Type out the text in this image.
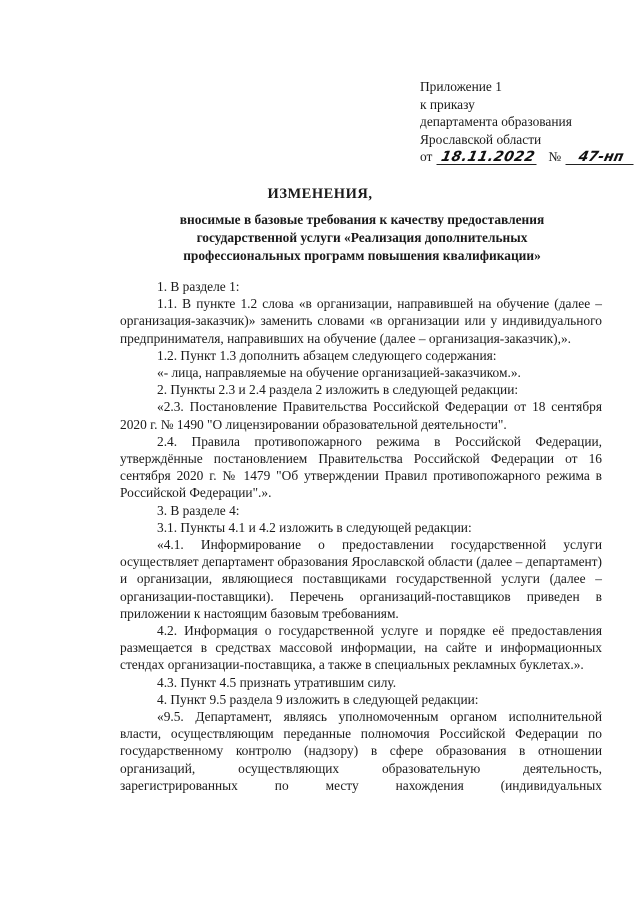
Приложение 1
к приказу
департамента образования
Ярославской области
от 18.11.2022 №	47-нп
ИЗМЕНЕНИЯ,
вносимые в базовые требования к качеству предоставления государственной услуги «Реализация дополнительных профессиональных программ повышения квалификации»

1. В разделе 1:

1.1. В пункте 1.2 слова «в организации, направившей на обучение (далее – организация-заказчик)» заменить словами «в организации или у индивидуального предпринимателя, направивших на обучение (далее – организация-заказчик),».

1.2. Пункт 1.3 дополнить абзацем следующего содержания:

«- лица, направляемые на обучение организацией-заказчиком.».

2. Пункты 2.3 и 2.4 раздела 2 изложить в следующей редакции:

«2.3. Постановление Правительства Российской Федерации от 18 сентября 2020 г. № 1490 "О лицензировании образовательной деятельности".

2.4. Правила противопожарного режима в Российской Федерации, утверждённые постановлением Правительства Российской Федерации от 16 сентября 2020 г. № 1479 "Об утверждении Правил противопожарного режима в Российской Федерации".».

3. В разделе 4:

3.1. Пункты 4.1 и 4.2 изложить в следующей редакции:

«4.1. Информирование о предоставлении государственной услуги осуществляет департамент образования Ярославской области (далее – департамент) и организации, являющиеся поставщиками государственной услуги (далее – организации-поставщики). Перечень организаций-поставщиков приведен в приложении к настоящим базовым требованиям.

4.2. Информация о государственной услуге и порядке её предоставления размещается в средствах массовой информации, на сайте и информационных стендах организации-поставщика, а также в специальных рекламных буклетах.».

4.3. Пункт 4.5 признать утратившим силу.

4. Пункт 9.5 раздела 9 изложить в следующей редакции:

«9.5. Департамент, являясь уполномоченным органом исполнительной власти, осуществляющим переданные полномочия Российской Федерации по государственному контролю (надзору) в сфере образования в отношении организаций, осуществляющих образовательную деятельность, зарегистрированных по месту нахождения (индивидуальных
